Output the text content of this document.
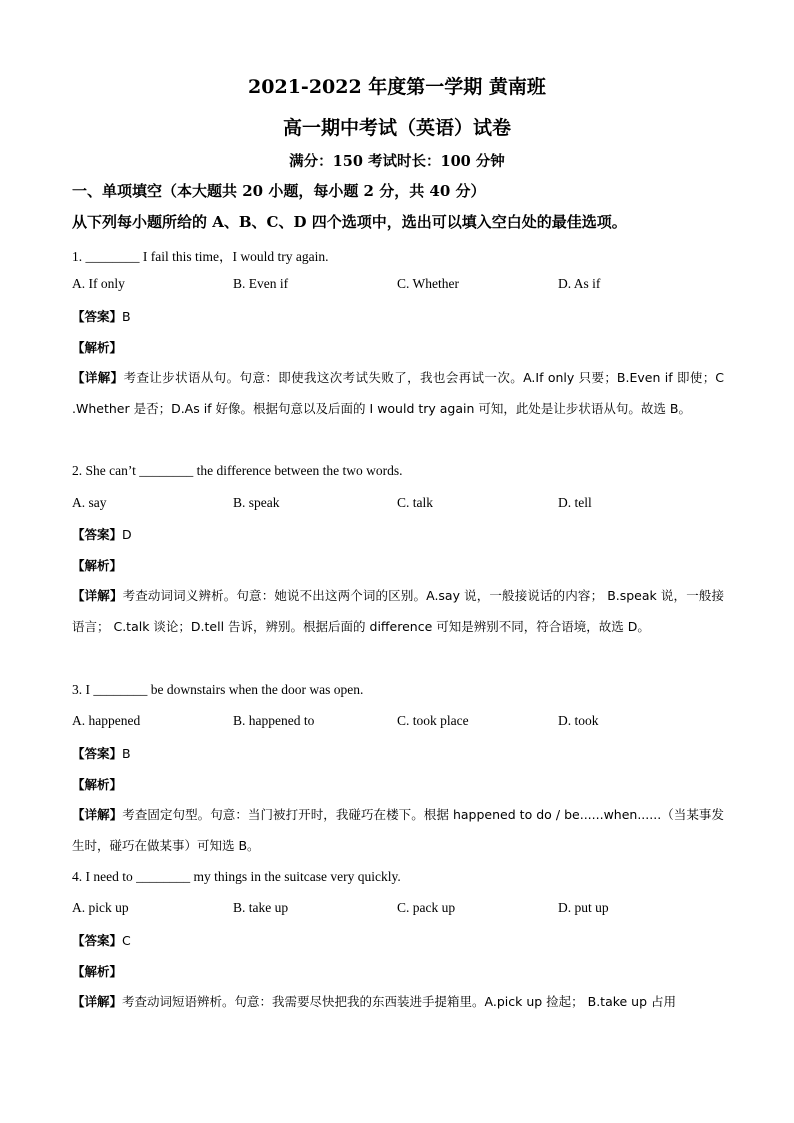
2021-2022 年度第一学期 黄南班
高一期中考试（英语）试卷
满分：150 考试时长：100 分钟
一、单项填空（本大题共 20 小题，每小题 2 分，共 40 分）
从下列每小题所给的 A、B、C、D 四个选项中，选出可以填入空白处的最佳选项。
1. ________ I fail this time，I would try again.
A. If only	B. Even if	C. Whether	D. As if
【答案】B
【解析】
【详解】考查让步状语从句。句意：即使我这次考试失败了，我也会再试一次。A.If only 只要；B.Even if 即使；C .Whether 是否；D.As if 好像。根据句意以及后面的 I would try again 可知，此处是让步状语从句。故选 B。
2. She can’t ________ the difference between the two words.
A. say	B. speak	C. talk	D. tell
【答案】D
【解析】
【详解】考查动词词义辨析。句意：她说不出这两个词的区别。A.say 说，一般接说话的内容； B.speak 说，一般接语言； C.talk 谈论；D.tell 告诉，辨别。根据后面的 difference 可知是辨别不同，符合语境，故选 D。
3. I ________ be downstairs when the door was open.
A. happened	B. happened to	C. took place	D. took
【答案】B
【解析】
【详解】考查固定句型。句意：当门被打开时，我碰巧在楼下。根据 happened to do / be......when......（当某事发生时，碰巧在做某事）可知选 B。
4. I need to ________ my things in the suitcase very quickly.
A. pick up	B. take up	C. pack up	D. put up
【答案】C
【解析】
【详解】考查动词短语辨析。句意：我需要尽快把我的东西装进手提箱里。A.pick up 捡起； B.take up 占用
